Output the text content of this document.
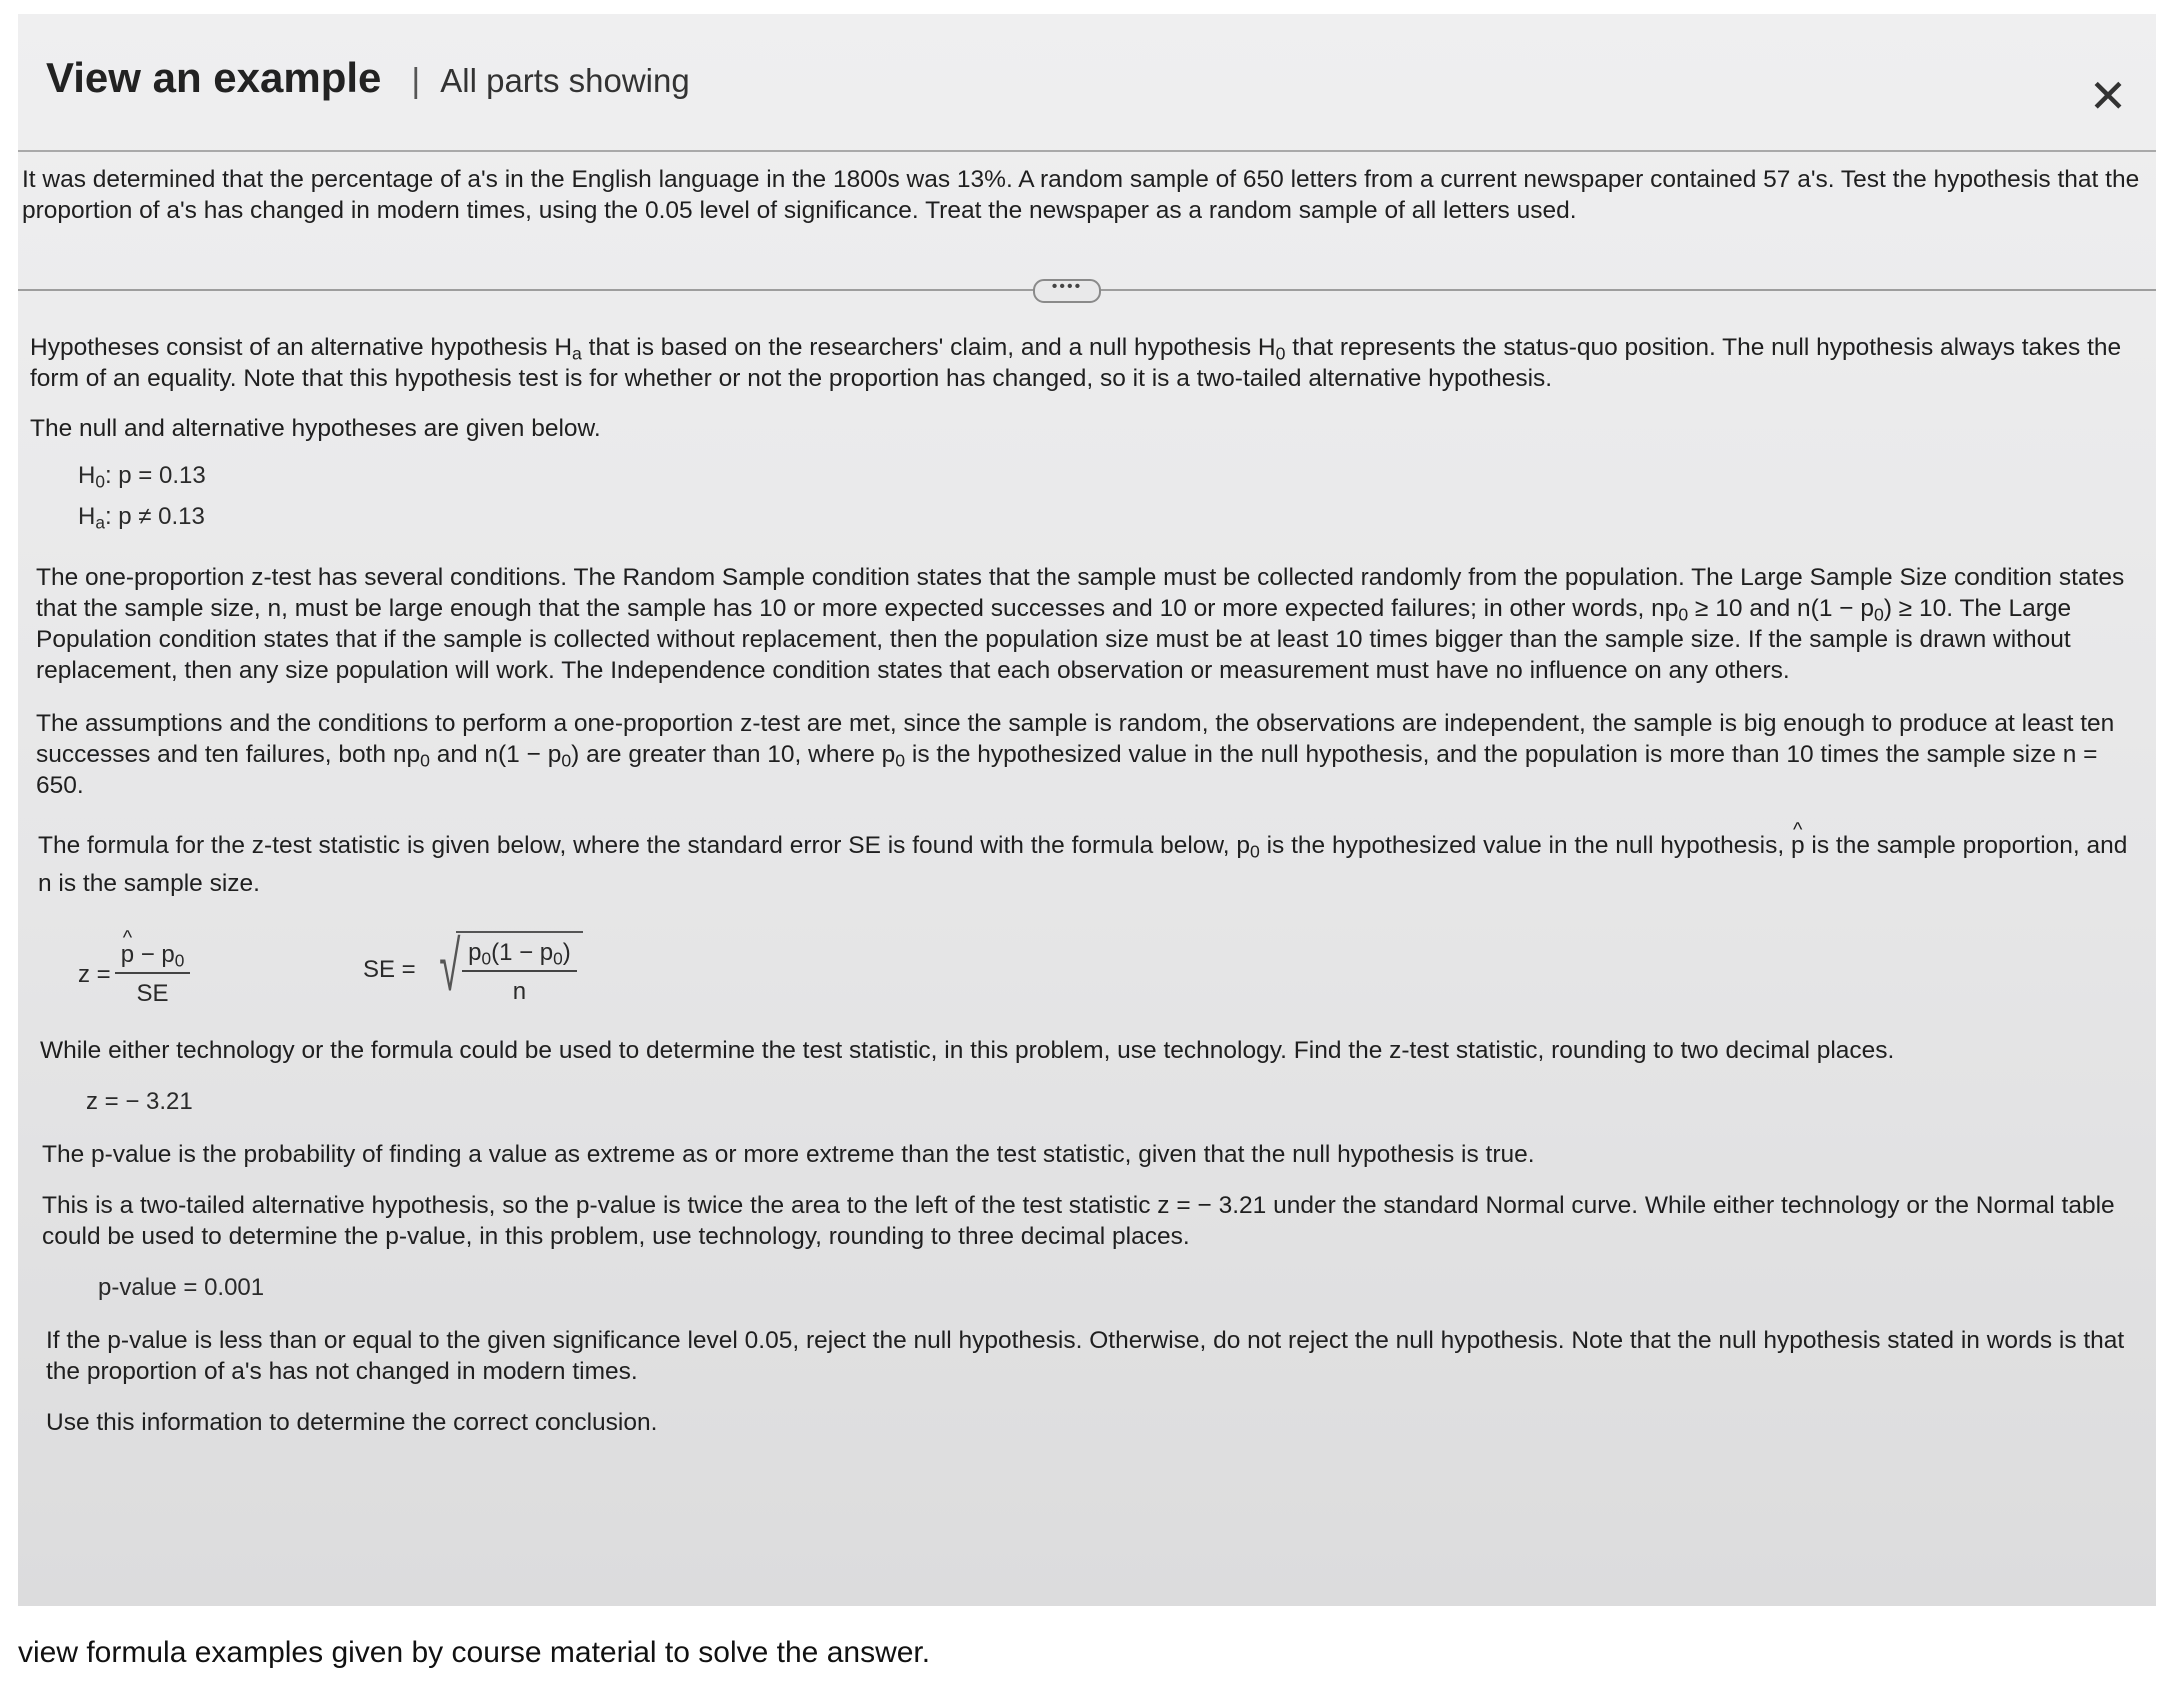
View an example | All parts showing	✕
It was determined that the percentage of a's in the English language in the 1800s was 13%. A random sample of 650 letters from a current newspaper contained 57 a's. Test the hypothesis that the proportion of a's has changed in modern times, using the 0.05 level of significance. Treat the newspaper as a random sample of all letters used.
••••

Hypotheses consist of an alternative hypothesis $H_a$ that is based on the researchers' claim, and a null hypothesis $H_0$ that represents the status-quo position. The null hypothesis always takes the form of an equality. Note that this hypothesis test is for whether or not the proportion has changed, so it is a two-tailed alternative hypothesis.

The null and alternative hypotheses are given below.

$H_0$: p = 0.13

$H_a$: p ≠ 0.13

The one-proportion z-test has several conditions. The Random Sample condition states that the sample must be collected randomly from the population. The Large Sample Size condition states that the sample size, n, must be large enough that the sample has 10 or more expected successes and 10 or more expected failures; in other words, $np_0 \ge 10$ and $n(1 - p_0) \ge 10$. The Large Population condition states that if the sample is collected without replacement, then the population size must be at least 10 times bigger than the sample size. If the sample is drawn without replacement, then any size population will work. The Independence condition states that each observation or measurement must have no influence on any others.

The assumptions and the conditions to perform a one-proportion z-test are met, since the sample is random, the observations are independent, the sample is big enough to produce at least ten successes and ten failures, both $np_0$ and $n(1 - p_0)$ are greater than 10, where $p_0$ is the hypothesized value in the null hypothesis, and the population is more than 10 times the sample size n = 650.

The formula for the z-test statistic is given below, where the standard error SE is found with the formula below, $p_0$ is the hypothesized value in the null hypothesis, ^ p is the sample proportion, and n is the sample size.

z =
^ $\frac{p - p_0}{SE}$	SE = √ $\frac{p_0(1 - p_0)}{n}$

While either technology or the formula could be used to determine the test statistic, in this problem, use technology. Find the z-test statistic, rounding to two decimal places.

z = − 3.21

The p-value is the probability of finding a value as extreme as or more extreme than the test statistic, given that the null hypothesis is true.

This is a two-tailed alternative hypothesis, so the p-value is twice the area to the left of the test statistic z = − 3.21 under the standard Normal curve. While either technology or the Normal table could be used to determine the p-value, in this problem, use technology, rounding to three decimal places.

p-value = 0.001

If the p-value is less than or equal to the given significance level 0.05, reject the null hypothesis. Otherwise, do not reject the null hypothesis. Note that the null hypothesis stated in words is that the proportion of a's has not changed in modern times.

Use this information to determine the correct conclusion.

view formula examples given by course material to solve the answer.
